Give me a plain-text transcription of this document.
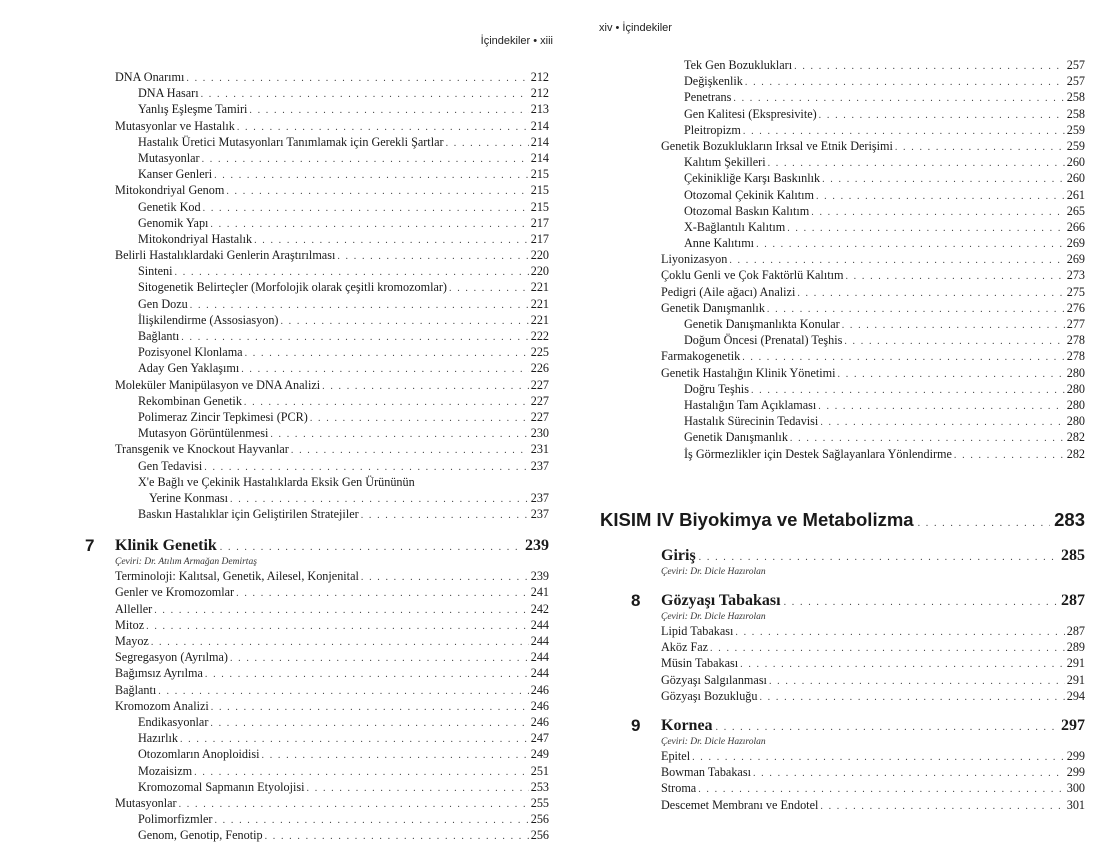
İçindekiler • xiii
DNA Onarımı . . .	212
DNA Hasarı . . .	212
Yanlış Eşleşme Tamiri . . .	213
Mutasyonlar ve Hastalık . . .	214
Hastalık Üretici Mutasyonları Tanımlamak için Gerekli Şartlar . . .	214
Mutasyonlar . . .	214
Kanser Genleri . . .	215
Mitokondriyal Genom . . .	215
Genetik Kod . . .	215
Genomik Yapı . . .	217
Mitokondriyal Hastalık . . .	217
Belirli Hastalıklardaki Genlerin Araştırılması . . .	220
Sinteni . . .	220
Sitogenetik Belirteçler (Morfolojik olarak çeşitli kromozomlar) . . .	221
Gen Dozu . . .	221
İlişkilendirme (Assosiasyon) . . .	221
Bağlantı . . .	222
Pozisyonel Klonlama . . .	225
Aday Gen Yaklaşımı . . .	226
Moleküler Manipülasyon ve DNA Analizi . . .	227
Rekombinan Genetik . . .	227
Polimeraz Zincir Tepkimesi (PCR) . . .	227
Mutasyon Görüntülenmesi . . .	230
Transgenik ve Knockout Hayvanlar . . .	231
Gen Tedavisi . . .	237
X'e Bağlı ve Çekinik Hastalıklarda Eksik Gen Ürününün
Yerine Konması . . .	237
Baskın Hastalıklar için Geliştirilen Stratejiler . . .	237
7 Klinik Genetik . . .	239
Çeviri: Dr. Atılım Armağan Demirtaş
Terminoloji: Kalıtsal, Genetik, Ailesel, Konjenital . . .	239
Genler ve Kromozomlar . . .	241
Alleller . . .	242
Mitoz . . .	244
Mayoz . . .	244
Segregasyon (Ayrılma) . . .	244
Bağımsız Ayrılma . . .	244
Bağlantı . . .	246
Kromozom Analizi . . .	246
Endikasyonlar . . .	246
Hazırlık . . .	247
Otozomların Anoploidisi . . .	249
Mozaisizm . . .	251
Kromozomal Sapmanın Etyolojisi . . .	253
Mutasyonlar . . .	255
Polimorfizmler . . .	256
Genom, Genotip, Fenotip . . .	256
xiv • İçindekiler
Tek Gen Bozuklukları . . .	257
Değişkenlik . . .	257
Penetrans . . .	258
Gen Kalitesi (Ekspresivite) . . .	258
Pleitropizm . . .	259
Genetik Bozuklukların Irksal ve Etnik Derişimi . . .	259
Kalıtım Şekilleri . . .	260
Çekinikliğe Karşı Baskınlık . . .	260
Otozomal Çekinik Kalıtım . . .	261
Otozomal Baskın Kalıtım . . .	265
X-Bağlantılı Kalıtım . . .	266
Anne Kalıtımı . . .	269
Liyonizasyon . . .	269
Çoklu Genli ve Çok Faktörlü Kalıtım . . .	273
Pedigri (Aile ağacı) Analizi . . .	275
Genetik Danışmanlık . . .	276
Genetik Danışmanlıkta Konular . . .	277
Doğum Öncesi (Prenatal) Teşhis . . .	278
Farmakogenetik . . .	278
Genetik Hastalığın Klinik Yönetimi . . .	280
Doğru Teşhis . . .	280
Hastalığın Tam Açıklaması . . .	280
Hastalık Sürecinin Tedavisi . . .	280
Genetik Danışmanlık . . .	282
İş Görmezlikler için Destek Sağlayanlara Yönlendirme . . .	282
KISIM IV Biyokimya ve Metabolizma . . .	283
Giriş . . .	285
Çeviri: Dr. Dicle Hazırolan
8 Gözyaşı Tabakası . . .	287
Çeviri: Dr. Dicle Hazırolan
Lipid Tabakası . . .	287
Aköz Faz . . .	289
Müsin Tabakası . . .	291
Gözyaşı Salgılanması . . .	291
Gözyaşı Bozukluğu . . .	294
9 Kornea . . .	297
Çeviri: Dr. Dicle Hazırolan
Epitel . . .	299
Bowman Tabakası . . .	299
Stroma . . .	300
Descemet Membranı ve Endotel . . .	301
